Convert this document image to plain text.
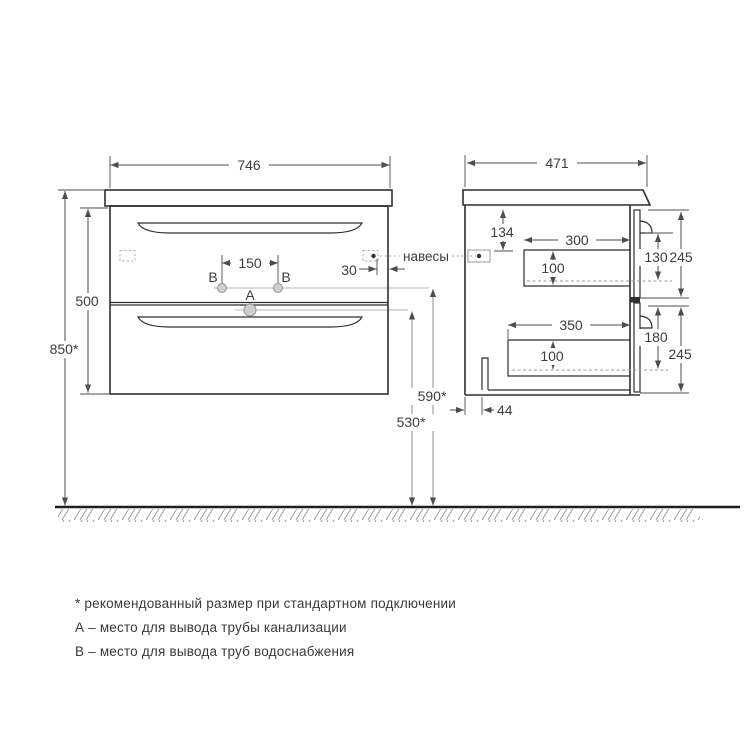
746
850*
500
150
B	B
A
30
590*
530*
471
134	300
100
350
100
130 245
180
245
44
навесы
* рекомендованный размер при стандартном подключении
А – место для вывода трубы канализации
В – место для вывода труб водоснабжения
